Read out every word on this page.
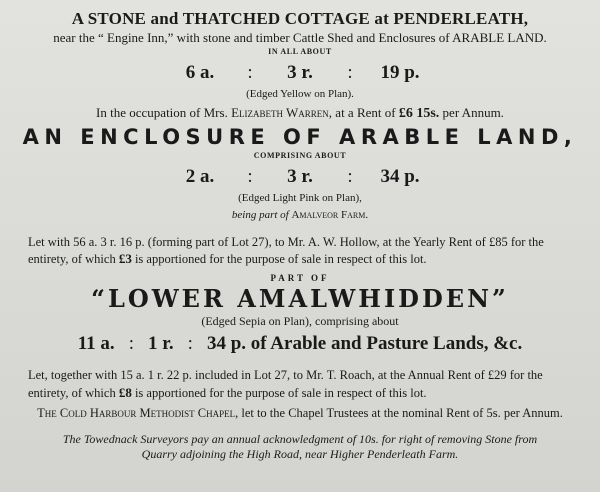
A STONE and THATCHED COTTAGE at PENDERLEATH,

near the “ Engine Inn,” with stone and timber Cattle Shed and Enclosures of ARABLE LAND.

IN ALL ABOUT

6 a.	:	3 r.	:	19 p.

(Edged Yellow on Plan).

In the occupation of Mrs. Elizabeth Warren, at a Rent of £6 15s. per Annum.

AN ENCLOSURE OF ARABLE LAND,

COMPRISING ABOUT

2 a.	:	3 r.	:	34 p.

(Edged Light Pink on Plan),

being part of Amalveor Farm.

Let with 56 a. 3 r. 16 p. (forming part of Lot 27), to Mr. A. W. Hollow, at the Yearly Rent of £85 for the entirety, of which £3 is apportioned for the purpose of sale in respect of this lot.

PART OF

“LOWER AMALWHIDDEN”

(Edged Sepia on Plan), comprising about

11 a. : 1 r. : 34 p. of Arable and Pasture Lands, &c.

Let, together with 15 a. 1 r. 22 p. included in Lot 27, to Mr. T. Roach, at the Annual Rent of £29 for the entirety, of which £8 is apportioned for the purpose of sale in respect of this lot.

The Cold Harbour Methodist Chapel, let to the Chapel Trustees at the nominal Rent of 5s. per Annum.

The Towednack Surveyors pay an annual acknowledgment of 10s. for right of removing Stone from Quarry adjoining the High Road, near Higher Penderleath Farm.
